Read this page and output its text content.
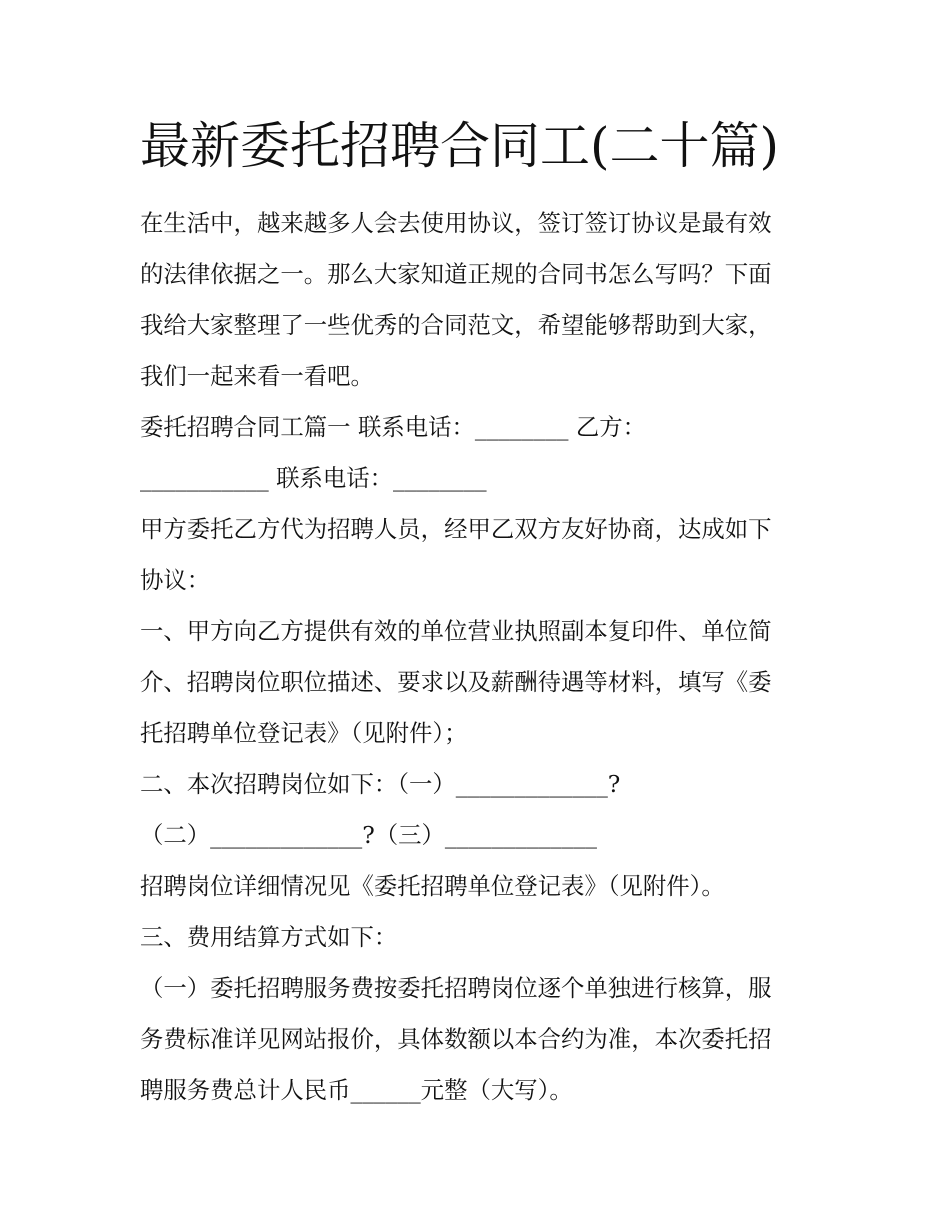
最新委托招聘合同工(二十篇)
在生活中，越来越多人会去使用协议，签订签订协议是最有效
的法律依据之一。那么大家知道正规的合同书怎么写吗？下面
我给大家整理了一些优秀的合同范文，希望能够帮助到大家，
我们一起来看一看吧。
委托招聘合同工篇一 联系电话：________ 乙方：
___________ 联系电话：________
甲方委托乙方代为招聘人员，经甲乙双方友好协商，达成如下
协议：
一、甲方向乙方提供有效的单位营业执照副本复印件、单位简
介、招聘岗位职位描述、要求以及薪酬待遇等材料，填写《委
托招聘单位登记表》（见附件）；
二、本次招聘岗位如下：（一）_____________?
（二）_____________?（三）_____________
招聘岗位详细情况见《委托招聘单位登记表》（见附件）。
三、费用结算方式如下：
（一）委托招聘服务费按委托招聘岗位逐个单独进行核算，服
务费标准详见网站报价，具体数额以本合约为准，本次委托招
聘服务费总计人民币______元整（大写）。
